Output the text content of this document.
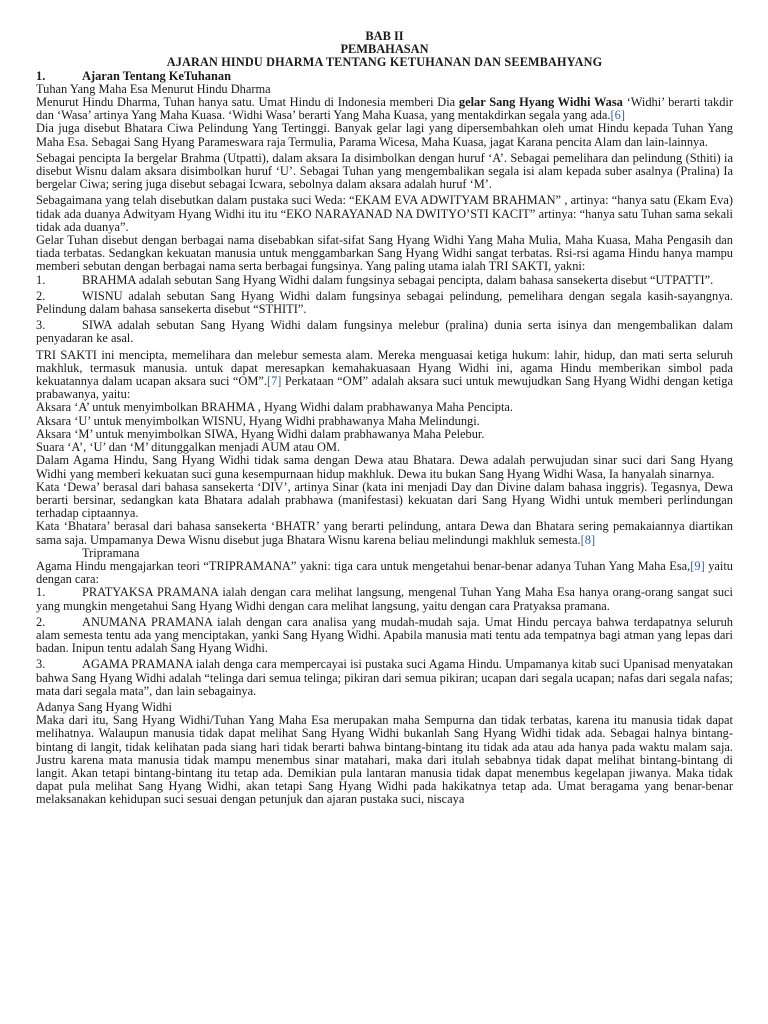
BAB II
PEMBAHASAN
AJARAN HINDU DHARMA TENTANG KETUHANAN DAN SEEMBAHYANG
1.	Ajaran Tentang KeTuhanan
Tuhan Yang Maha Esa Menurut Hindu Dharma

Menurut Hindu Dharma, Tuhan hanya satu. Umat Hindu di Indonesia memberi Dia gelar Sang Hyang Widhi Wasa ‘Widhi’ berarti takdir dan ‘Wasa’ artinya Yang Maha Kuasa. ‘Widhi Wasa’ berarti Yang Maha Kuasa, yang mentakdirkan segala yang ada.[6]

Dia juga disebut Bhatara Ciwa Pelindung Yang Tertinggi. Banyak gelar lagi yang dipersembahkan oleh umat Hindu kepada Tuhan Yang Maha Esa. Sebagai Sang Hyang Parameswara raja Termulia, Parama Wicesa, Maha Kuasa, jagat Karana pencita Alam dan lain-lainnya.

Sebagai pencipta Ia bergelar Brahma (Utpatti), dalam aksara Ia disimbolkan dengan huruf ‘A’. Sebagai pemelihara dan pelindung (Sthiti) ia disebut Wisnu dalam aksara disimbolkan huruf ‘U’. Sebagai Tuhan yang mengembalikan segala isi alam kepada suber asalnya (Pralina) Ia bergelar Ciwa; sering juga disebut sebagai Icwara, sebolnya dalam aksara adalah huruf ‘M’.

Sebagaimana yang telah disebutkan dalam pustaka suci Weda: “EKAM EVA ADWITYAM BRAHMAN” , artinya: “hanya satu (Ekam Eva) tidak ada duanya Adwityam Hyang Widhi itu itu “EKO NARAYANAD NA DWITYO’STI KACIT” artinya: “hanya satu Tuhan sama sekali tidak ada duanya”.

Gelar Tuhan disebut dengan berbagai nama disebabkan sifat-sifat Sang Hyang Widhi Yang Maha Mulia, Maha Kuasa, Maha Pengasih dan tiada terbatas. Sedangkan kekuatan manusia untuk menggambarkan Sang Hyang Widhi sangat terbatas. Rsi-rsi agama Hindu hanya mampu memberi sebutan dengan berbagai nama serta berbagai fungsinya. Yang paling utama ialah TRI SAKTI, yakni:

1.	BRAHMA adalah sebutan Sang Hyang Widhi dalam fungsinya sebagai pencipta, dalam bahasa sansekerta disebut “UTPATTI”.
2.	WISNU adalah sebutan Sang Hyang Widhi dalam fungsinya sebagai pelindung, pemelihara dengan segala kasih-sayangnya. Pelindung dalam bahasa sansekerta disebut “STHITI”.
3.	SIWA adalah sebutan Sang Hyang Widhi dalam fungsinya melebur (pralina) dunia serta isinya dan mengembalikan dalam penyadaran ke asal.

TRI SAKTI ini mencipta, memelihara dan melebur semesta alam. Mereka menguasai ketiga hukum: lahir, hidup, dan mati serta seluruh makhluk, termasuk manusia. untuk dapat meresapkan kemahakuasaan Hyang Widhi ini, agama Hindu memberikan simbol pada kekuatannya dalam ucapan aksara suci “OM”.[7] Perkataan “OM” adalah aksara suci untuk mewujudkan Sang Hyang Widhi dengan ketiga prabawanya, yaitu:

Aksara ‘A’ untuk menyimbolkan BRAHMA , Hyang Widhi dalam prabhawanya Maha Pencipta.
Aksara ‘U’ untuk menyimbolkan WISNU, Hyang Widhi prabhawanya Maha Melindungi.
Aksara ‘M’ untuk menyimbolkan SIWA, Hyang Widhi dalam prabhawanya Maha Pelebur.
Suara ‘A’, ‘U’ dan ‘M’ ditunggalkan menjadi AUM atau OM.

Dalam Agama Hindu, Sang Hyang Widhi tidak sama dengan Dewa atau Bhatara. Dewa adalah perwujudan sinar suci dari Sang Hyang Widhi yang memberi kekuatan suci guna kesempurnaan hidup makhluk. Dewa itu bukan Sang Hyang Widhi Wasa, Ia hanyalah sinarnya.

Kata ‘Dewa’ berasal dari bahasa sansekerta ‘DIV’, artinya Sinar (kata ini menjadi Day dan Divine dalam bahasa inggris). Tegasnya, Dewa berarti bersinar, sedangkan kata Bhatara adalah prabhawa (manifestasi) kekuatan dari Sang Hyang Widhi untuk memberi perlindungan terhadap ciptaannya.

Kata ‘Bhatara’ berasal dari bahasa sansekerta ‘BHATR’ yang berarti pelindung, antara Dewa dan Bhatara sering pemakaiannya diartikan sama saja. Umpamanya Dewa Wisnu disebut juga Bhatara Wisnu karena beliau melindungi makhluk semesta.[8]

Tripramana

Agama Hindu mengajarkan teori “TRIPRAMANA” yakni: tiga cara untuk mengetahui benar-benar adanya Tuhan Yang Maha Esa,[9] yaitu dengan cara:

1.	PRATYAKSA PRAMANA ialah dengan cara melihat langsung, mengenal Tuhan Yang Maha Esa hanya orang-orang sangat suci yang mungkin mengetahui Sang Hyang Widhi dengan cara melihat langsung, yaitu dengan cara Pratyaksa pramana.
2.	ANUMANA PRAMANA ialah dengan cara analisa yang mudah-mudah saja. Umat Hindu percaya bahwa terdapatnya seluruh alam semesta tentu ada yang menciptakan, yanki Sang Hyang Widhi. Apabila manusia mati tentu ada tempatnya bagi atman yang lepas dari badan. Inipun tentu adalah Sang Hyang Widhi.
3.	AGAMA PRAMANA ialah denga cara mempercayai isi pustaka suci Agama Hindu. Umpamanya kitab suci Upanisad menyatakan bahwa Sang Hyang Widhi adalah “telinga dari semua telinga; pikiran dari semua pikiran; ucapan dari segala ucapan; nafas dari segala nafas; mata dari segala mata”, dan lain sebagainya.
Adanya Sang Hyang Widhi

Maka dari itu, Sang Hyang Widhi/Tuhan Yang Maha Esa merupakan maha Sempurna dan tidak terbatas, karena itu manusia tidak dapat melihatnya. Walaupun manusia tidak dapat melihat Sang Hyang Widhi bukanlah Sang Hyang Widhi tidak ada. Sebagai halnya bintang-bintang di langit, tidak kelihatan pada siang hari tidak berarti bahwa bintang-bintang itu tidak ada atau ada hanya pada waktu malam saja. Justru karena mata manusia tidak mampu menembus sinar matahari, maka dari itulah sebabnya tidak dapat melihat bintang-bintang di langit. Akan tetapi bintang-bintang itu tetap ada. Demikian pula lantaran manusia tidak dapat menembus kegelapan jiwanya. Maka tidak dapat pula melihat Sang Hyang Widhi, akan tetapi Sang Hyang Widhi pada hakikatnya tetap ada. Umat beragama yang benar-benar melaksanakan kehidupan suci sesuai dengan petunjuk dan ajaran pustaka suci, niscaya
